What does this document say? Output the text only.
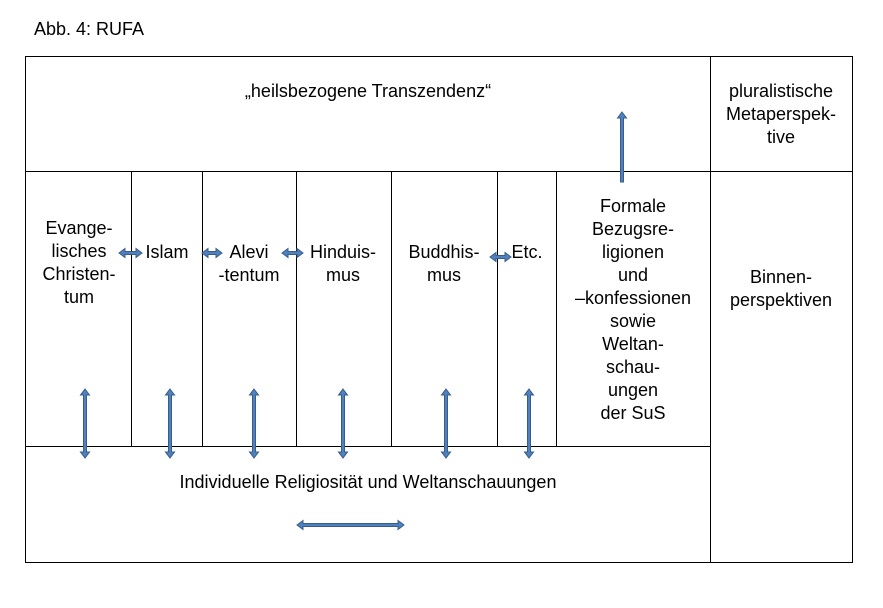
Abb. 4: RUFA
„heilsbezogene Transzendenz“	pluralistische
Metaperspek-
tive
Binnen-
perspektiven
Evange-
lisches
Christen-
tum
Islam	Alevi
-tentum
Hinduis-
mus
Buddhis-
mus
Etc.
Formale
Bezugsre-
ligionen
und
–konfessionen
sowie
Weltan-
schau-
ungen
der SuS
Individuelle Religiosität und Weltanschauungen
